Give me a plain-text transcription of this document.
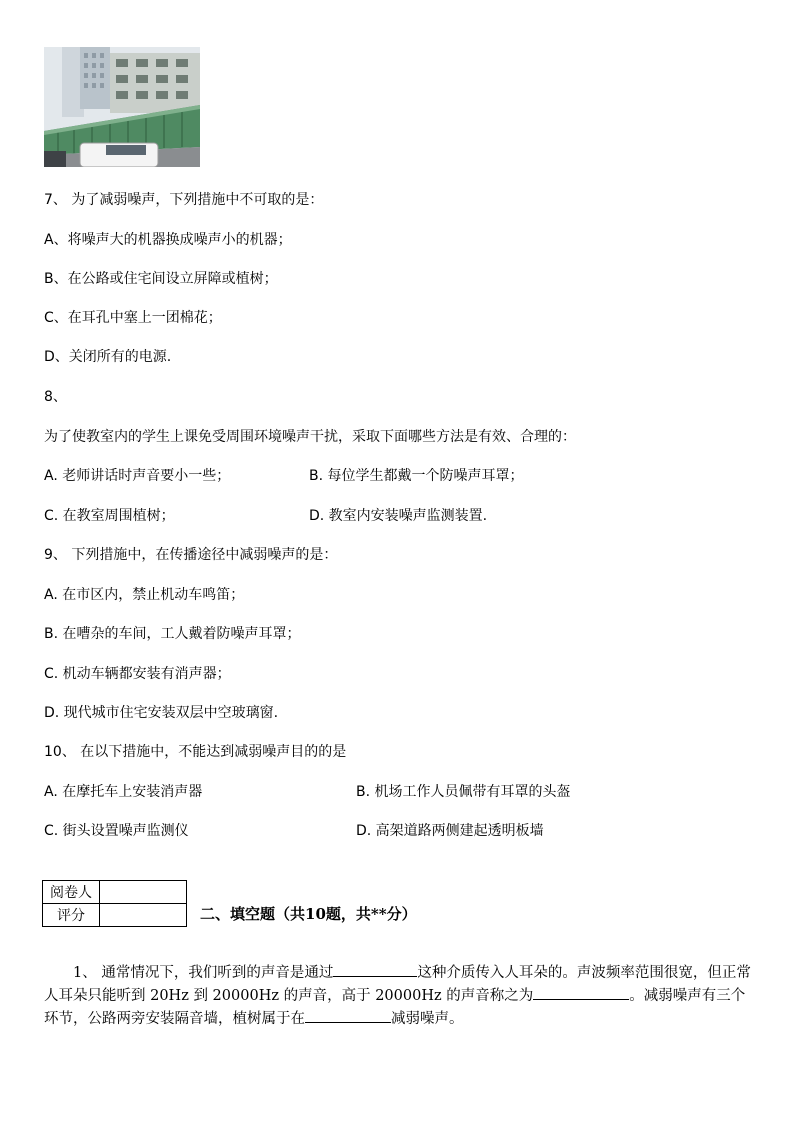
7、 为了减弱噪声，下列措施中不可取的是：
A、将噪声大的机器换成噪声小的机器；
B、在公路或住宅间设立屏障或植树；
C、在耳孔中塞上一团棉花；
D、关闭所有的电源.
8、
为了使教室内的学生上课免受周围环境噪声干扰，采取下面哪些方法是有效、合理的：
A. 老师讲话时声音要小一些；	B. 每位学生都戴一个防噪声耳罩；
C. 在教室周围植树；	D. 教室内安装噪声监测装置.
9、 下列措施中，在传播途径中减弱噪声的是：
A. 在市区内，禁止机动车鸣笛；
B. 在嘈杂的车间，工人戴着防噪声耳罩；
C. 机动车辆都安装有消声器；
D. 现代城市住宅安装双层中空玻璃窗.
10、 在以下措施中，不能达到减弱噪声目的的是
A. 在摩托车上安装消声器	B. 机场工作人员佩带有耳罩的头盔
C. 街头设置噪声监测仪	D. 高架道路两侧建起透明板墙
阅卷人	
评分		二、填空题（共10题，共**分）
1、 通常情况下，我们听到的声音是通过	这种介质传入人耳朵的。声波频率范围很宽，但正常人耳朵只能听到 20Hz 到 20000Hz 的声音，高于 20000Hz 的声音称之为	。减弱噪声有三个环节，公路两旁安装隔音墙，植树属于在	减弱噪声。
